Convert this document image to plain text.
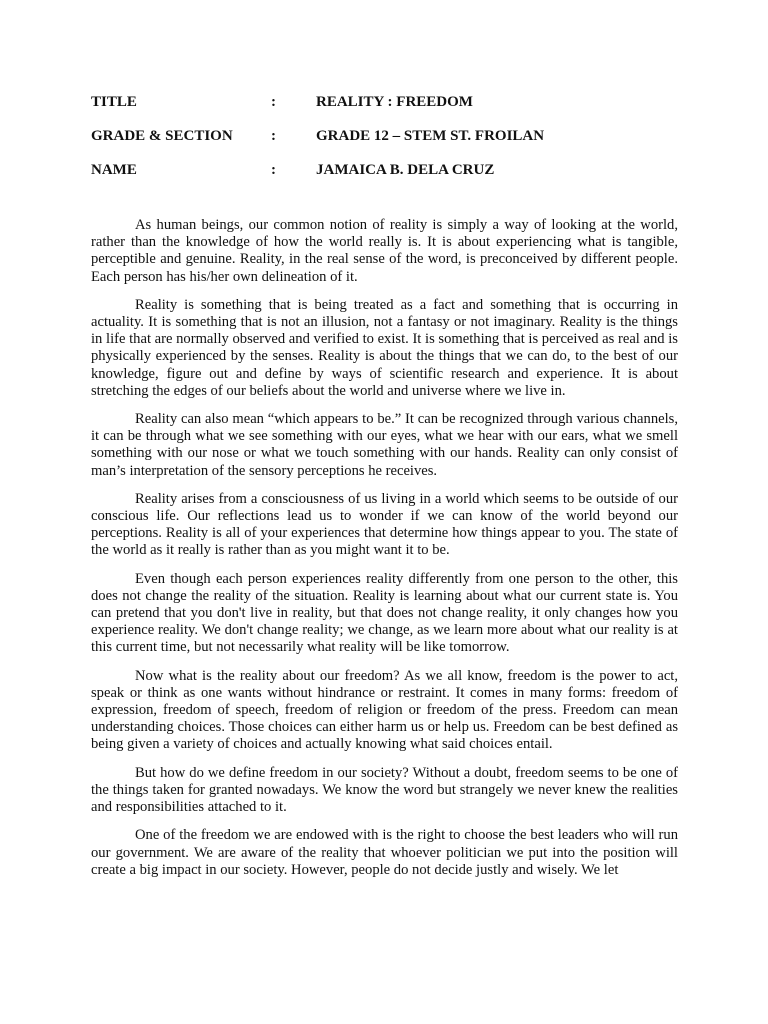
TITLE	:	REALITY : FREEDOM
GRADE & SECTION	:	GRADE 12 – STEM ST. FROILAN
NAME	:	JAMAICA B. DELA CRUZ

As human beings, our common notion of reality is simply a way of looking at the world, rather than the knowledge of how the world really is. It is about experiencing what is tangible, perceptible and genuine. Reality, in the real sense of the word, is preconceived by different people. Each person has his/her own delineation of it.

Reality is something that is being treated as a fact and something that is occurring in actuality. It is something that is not an illusion, not a fantasy or not imaginary. Reality is the things in life that are normally observed and verified to exist. It is something that is perceived as real and is physically experienced by the senses. Reality is about the things that we can do, to the best of our knowledge, figure out and define by ways of scientific research and experience. It is about stretching the edges of our beliefs about the world and universe where we live in.

Reality can also mean “which appears to be.” It can be recognized through various channels, it can be through what we see something with our eyes, what we hear with our ears, what we smell something with our nose or what we touch something with our hands. Reality can only consist of man’s interpretation of the sensory perceptions he receives.

Reality arises from a consciousness of us living in a world which seems to be outside of our conscious life. Our reflections lead us to wonder if we can know of the world beyond our perceptions. Reality is all of your experiences that determine how things appear to you. The state of the world as it really is rather than as you might want it to be.

Even though each person experiences reality differently from one person to the other, this does not change the reality of the situation. Reality is learning about what our current state is. You can pretend that you don't live in reality, but that does not change reality, it only changes how you experience reality. We don't change reality; we change, as we learn more about what our reality is at this current time, but not necessarily what reality will be like tomorrow.

Now what is the reality about our freedom? As we all know, freedom is the power to act, speak or think as one wants without hindrance or restraint. It comes in many forms: freedom of expression, freedom of speech, freedom of religion or freedom of the press. Freedom can mean understanding choices. Those choices can either harm us or help us. Freedom can be best defined as being given a variety of choices and actually knowing what said choices entail.

But how do we define freedom in our society? Without a doubt, freedom seems to be one of the things taken for granted nowadays. We know the word but strangely we never knew the realities and responsibilities attached to it.

One of the freedom we are endowed with is the right to choose the best leaders who will run our government. We are aware of the reality that whoever politician we put into the position will create a big impact in our society. However, people do not decide justly and wisely. We let
